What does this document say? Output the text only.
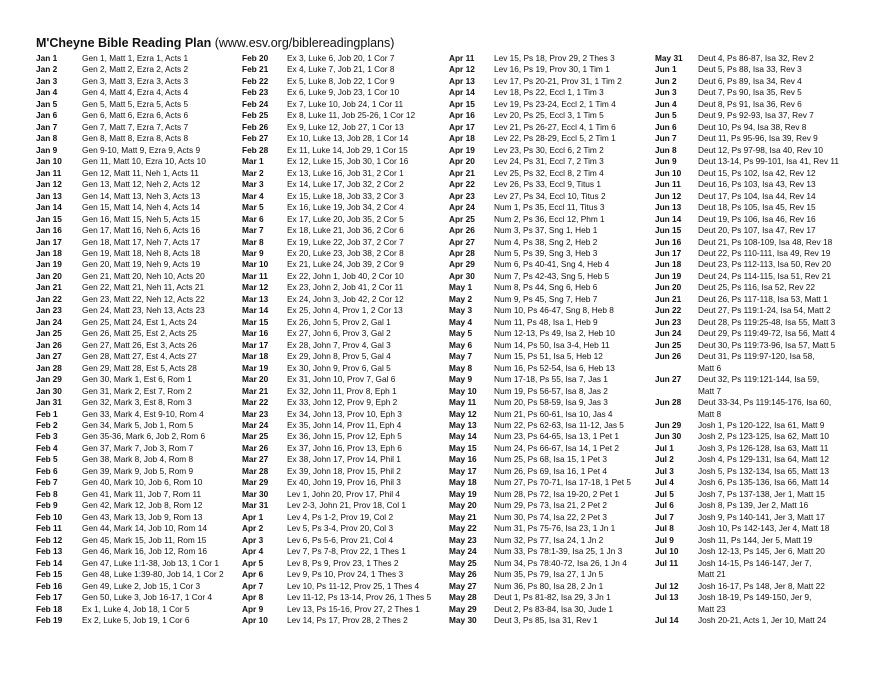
M'Cheyne Bible Reading Plan (www.esv.org/biblereadingplans)
Jan 1	Gen 1, Matt 1, Ezra 1, Acts 1
Jan 2	Gen 2, Matt 2, Ezra 2, Acts 2
Jan 3	Gen 3, Matt 3, Ezra 3, Acts 3
Jan 4	Gen 4, Matt 4, Ezra 4, Acts 4
Jan 5	Gen 5, Matt 5, Ezra 5, Acts 5
Jan 6	Gen 6, Matt 6, Ezra 6, Acts 6
Jan 7	Gen 7, Matt 7, Ezra 7, Acts 7
Jan 8	Gen 8, Matt 8, Ezra 8, Acts 8
Jan 9	Gen 9-10, Matt 9, Ezra 9, Acts 9
Jan 10 Gen 11, Matt 10, Ezra 10, Acts 10
Jan 11 Gen 12, Matt 11, Neh 1, Acts 11
Jan 12 Gen 13, Matt 12, Neh 2, Acts 12
Jan 13 Gen 14, Matt 13, Neh 3, Acts 13
Jan 14 Gen 15, Matt 14, Neh 4, Acts 14
Jan 15 Gen 16, Matt 15, Neh 5, Acts 15
Jan 16 Gen 17, Matt 16, Neh 6, Acts 16
Jan 17 Gen 18, Matt 17, Neh 7, Acts 17
Jan 18 Gen 19, Matt 18, Neh 8, Acts 18
Jan 19 Gen 20, Matt 19, Neh 9, Acts 19
Jan 20 Gen 21, Matt 20, Neh 10, Acts 20
Jan 21 Gen 22, Matt 21, Neh 11, Acts 21
Jan 22 Gen 23, Matt 22, Neh 12, Acts 22
Jan 23 Gen 24, Matt 23, Neh 13, Acts 23
Jan 24 Gen 25, Matt 24, Est 1, Acts 24
Jan 25 Gen 26, Matt 25, Est 2, Acts 25
Jan 26 Gen 27, Matt 26, Est 3, Acts 26
Jan 27 Gen 28, Matt 27, Est 4, Acts 27
Jan 28 Gen 29, Matt 28, Est 5, Acts 28
Jan 29 Gen 30, Mark 1, Est 6, Rom 1
Jan 30 Gen 31, Mark 2, Est 7, Rom 2
Jan 31 Gen 32, Mark 3, Est 8, Rom 3
Feb 1	Gen 33, Mark 4, Est 9-10, Rom 4
Feb 2	Gen 34, Mark 5, Job 1, Rom 5
Feb 3	Gen 35-36, Mark 6, Job 2, Rom 6
Feb 4	Gen 37, Mark 7, Job 3, Rom 7
Feb 5	Gen 38, Mark 8, Job 4, Rom 8
Feb 6	Gen 39, Mark 9, Job 5, Rom 9
Feb 7	Gen 40, Mark 10, Job 6, Rom 10
Feb 8	Gen 41, Mark 11, Job 7, Rom 11
Feb 9	Gen 42, Mark 12, Job 8, Rom 12
Feb 10 Gen 43, Mark 13, Job 9, Rom 13
Feb 11 Gen 44, Mark 14, Job 10, Rom 14
Feb 12 Gen 45, Mark 15, Job 11, Rom 15
Feb 13 Gen 46, Mark 16, Job 12, Rom 16
Feb 14 Gen 47, Luke 1:1-38, Job 13, 1 Cor 1
Feb 15 Gen 48, Luke 1:39-80, Job 14, 1 Cor 2
Feb 16 Gen 49, Luke 2, Job 15, 1 Cor 3
Feb 17 Gen 50, Luke 3, Job 16-17, 1 Cor 4
Feb 18 Ex 1, Luke 4, Job 18, 1 Cor 5
Feb 19 Ex 2, Luke 5, Job 19, 1 Cor 6
Feb 20 Ex 3, Luke 6, Job 20, 1 Cor 7
Feb 21 Ex 4, Luke 7, Job 21, 1 Cor 8
Feb 22 Ex 5, Luke 8, Job 22, 1 Cor 9
Feb 23 Ex 6, Luke 9, Job 23, 1 Cor 10
Feb 24 Ex 7, Luke 10, Job 24, 1 Cor 11
Feb 25 Ex 8, Luke 11, Job 25-26, 1 Cor 12
Feb 26 Ex 9, Luke 12, Job 27, 1 Cor 13
Feb 27 Ex 10, Luke 13, Job 28, 1 Cor 14
Feb 28 Ex 11, Luke 14, Job 29, 1 Cor 15
Mar 1	Ex 12, Luke 15, Job 30, 1 Cor 16
Mar 2	Ex 13, Luke 16, Job 31, 2 Cor 1
Mar 3	Ex 14, Luke 17, Job 32, 2 Cor 2
Mar 4	Ex 15, Luke 18, Job 33, 2 Cor 3
Mar 5	Ex 16, Luke 19, Job 34, 2 Cor 4
Mar 6	Ex 17, Luke 20, Job 35, 2 Cor 5
Mar 7	Ex 18, Luke 21, Job 36, 2 Cor 6
Mar 8	Ex 19, Luke 22, Job 37, 2 Cor 7
Mar 9	Ex 20, Luke 23, Job 38, 2 Cor 8
Mar 10 Ex 21, Luke 24, Job 39, 2 Cor 9
Mar 11 Ex 22, John 1, Job 40, 2 Cor 10
Mar 12 Ex 23, John 2, Job 41, 2 Cor 11
Mar 13 Ex 24, John 3, Job 42, 2 Cor 12
Mar 14 Ex 25, John 4, Prov 1, 2 Cor 13
Mar 15 Ex 26, John 5, Prov 2, Gal 1
Mar 16 Ex 27, John 6, Prov 3, Gal 2
Mar 17 Ex 28, John 7, Prov 4, Gal 3
Mar 18 Ex 29, John 8, Prov 5, Gal 4
Mar 19 Ex 30, John 9, Prov 6, Gal 5
Mar 20 Ex 31, John 10, Prov 7, Gal 6
Mar 21 Ex 32, John 11, Prov 8, Eph 1
Mar 22 Ex 33, John 12, Prov 9, Eph 2
Mar 23 Ex 34, John 13, Prov 10, Eph 3
Mar 24 Ex 35, John 14, Prov 11, Eph 4
Mar 25 Ex 36, John 15, Prov 12, Eph 5
Mar 26 Ex 37, John 16, Prov 13, Eph 6
Mar 27 Ex 38, John 17, Prov 14, Phil 1
Mar 28 Ex 39, John 18, Prov 15, Phil 2
Mar 29 Ex 40, John 19, Prov 16, Phil 3
Mar 30 Lev 1, John 20, Prov 17, Phil 4
Mar 31 Lev 2-3, John 21, Prov 18, Col 1
Apr 1	Lev 4, Ps 1-2, Prov 19, Col 2
Apr 2	Lev 5, Ps 3-4, Prov 20, Col 3
Apr 3	Lev 6, Ps 5-6, Prov 21, Col 4
Apr 4	Lev 7, Ps 7-8, Prov 22, 1 Thes 1
Apr 5	Lev 8, Ps 9, Prov 23, 1 Thes 2
Apr 6	Lev 9, Ps 10, Prov 24, 1 Thes 3
Apr 7	Lev 10, Ps 11-12, Prov 25, 1 Thes 4
Apr 8	Lev 11-12, Ps 13-14, Prov 26, 1 Thes 5
Apr 9	Lev 13, Ps 15-16, Prov 27, 2 Thes 1
Apr 10 Lev 14, Ps 17, Prov 28, 2 Thes 2
Apr 11 Lev 15, Ps 18, Prov 29, 2 Thes 3
Apr 12 Lev 16, Ps 19, Prov 30, 1 Tim 1
Apr 13 Lev 17, Ps 20-21, Prov 31, 1 Tim 2
Apr 14 Lev 18, Ps 22, Eccl 1, 1 Tim 3
Apr 15 Lev 19, Ps 23-24, Eccl 2, 1 Tim 4
Apr 16 Lev 20, Ps 25, Eccl 3, 1 Tim 5
Apr 17 Lev 21, Ps 26-27, Eccl 4, 1 Tim 6
Apr 18 Lev 22, Ps 28-29, Eccl 5, 2 Tim 1
Apr 19 Lev 23, Ps 30, Eccl 6, 2 Tim 2
Apr 20 Lev 24, Ps 31, Eccl 7, 2 Tim 3
Apr 21 Lev 25, Ps 32, Eccl 8, 2 Tim 4
Apr 22 Lev 26, Ps 33, Eccl 9, Titus 1
Apr 23 Lev 27, Ps 34, Eccl 10, Titus 2
Apr 24 Num 1, Ps 35, Eccl 11, Titus 3
Apr 25 Num 2, Ps 36, Eccl 12, Phm 1
Apr 26 Num 3, Ps 37, Sng 1, Heb 1
Apr 27 Num 4, Ps 38, Sng 2, Heb 2
Apr 28 Num 5, Ps 39, Sng 3, Heb 3
Apr 29 Num 6, Ps 40-41, Sng 4, Heb 4
Apr 30 Num 7, Ps 42-43, Sng 5, Heb 5
May 1	Num 8, Ps 44, Sng 6, Heb 6
May 2	Num 9, Ps 45, Sng 7, Heb 7
May 3	Num 10, Ps 46-47, Sng 8, Heb 8
May 4	Num 11, Ps 48, Isa 1, Heb 9
May 5	Num 12-13, Ps 49, Isa 2, Heb 10
May 6	Num 14, Ps 50, Isa 3-4, Heb 11
May 7	Num 15, Ps 51, Isa 5, Heb 12
May 8	Num 16, Ps 52-54, Isa 6, Heb 13
May 9	Num 17-18, Ps 55, Isa 7, Jas 1
May 10 Num 19, Ps 56-57, Isa 8, Jas 2
May 11 Num 20, Ps 58-59, Isa 9, Jas 3
May 12 Num 21, Ps 60-61, Isa 10, Jas 4
May 13 Num 22, Ps 62-63, Isa 11-12, Jas 5
May 14 Num 23, Ps 64-65, Isa 13, 1 Pet 1
May 15 Num 24, Ps 66-67, Isa 14, 1 Pet 2
May 16 Num 25, Ps 68, Isa 15, 1 Pet 3
May 17 Num 26, Ps 69, Isa 16, 1 Pet 4
May 18 Num 27, Ps 70-71, Isa 17-18, 1 Pet 5
May 19 Num 28, Ps 72, Isa 19-20, 2 Pet 1
May 20 Num 29, Ps 73, Isa 21, 2 Pet 2
May 21 Num 30, Ps 74, Isa 22, 2 Pet 3
May 22 Num 31, Ps 75-76, Isa 23, 1 Jn 1
May 23 Num 32, Ps 77, Isa 24, 1 Jn 2
May 24 Num 33, Ps 78:1-39, Isa 25, 1 Jn 3
May 25 Num 34, Ps 78:40-72, Isa 26, 1 Jn 4
May 26 Num 35, Ps 79, Isa 27, 1 Jn 5
May 27 Num 36, Ps 80, Isa 28, 2 Jn 1
May 28 Deut 1, Ps 81-82, Isa 29, 3 Jn 1
May 29 Deut 2, Ps 83-84, Isa 30, Jude 1
May 30 Deut 3, Ps 85, Isa 31, Rev 1
May 31 Deut 4, Ps 86-87, Isa 32, Rev 2
Jun 1	Deut 5, Ps 88, Isa 33, Rev 3
Jun 2	Deut 6, Ps 89, Isa 34, Rev 4
Jun 3	Deut 7, Ps 90, Isa 35, Rev 5
Jun 4	Deut 8, Ps 91, Isa 36, Rev 6
Jun 5	Deut 9, Ps 92-93, Isa 37, Rev 7
Jun 6	Deut 10, Ps 94, Isa 38, Rev 8
Jun 7	Deut 11, Ps 95-96, Isa 39, Rev 9
Jun 8	Deut 12, Ps 97-98, Isa 40, Rev 10
Jun 9	Deut 13-14, Ps 99-101, Isa 41, Rev 11
Jun 10 Deut 15, Ps 102, Isa 42, Rev 12
Jun 11 Deut 16, Ps 103, Isa 43, Rev 13
Jun 12 Deut 17, Ps 104, Isa 44, Rev 14
Jun 13 Deut 18, Ps 105, Isa 45, Rev 15
Jun 14 Deut 19, Ps 106, Isa 46, Rev 16
Jun 15 Deut 20, Ps 107, Isa 47, Rev 17
Jun 16 Deut 21, Ps 108-109, Isa 48, Rev 18
Jun 17 Deut 22, Ps 110-111, Isa 49, Rev 19
Jun 18 Deut 23, Ps 112-113, Isa 50, Rev 20
Jun 19 Deut 24, Ps 114-115, Isa 51, Rev 21
Jun 20 Deut 25, Ps 116, Isa 52, Rev 22
Jun 21 Deut 26, Ps 117-118, Isa 53, Matt 1
Jun 22 Deut 27, Ps 119:1-24, Isa 54, Matt 2
Jun 23 Deut 28, Ps 119:25-48, Isa 55, Matt 3
Jun 24 Deut 29, Ps 119:49-72, Isa 56, Matt 4
Jun 25 Deut 30, Ps 119:73-96, Isa 57, Matt 5
Jun 26 Deut 31, Ps 119:97-120, Isa 58,
Matt 6
Jun 27 Deut 32, Ps 119:121-144, Isa 59,
Matt 7
Jun 28 Deut 33-34, Ps 119:145-176, Isa 60,
Matt 8
Jun 29 Josh 1, Ps 120-122, Isa 61, Matt 9
Jun 30 Josh 2, Ps 123-125, Isa 62, Matt 10
Jul 1	Josh 3, Ps 126-128, Isa 63, Matt 11
Jul 2	Josh 4, Ps 129-131, Isa 64, Matt 12
Jul 3	Josh 5, Ps 132-134, Isa 65, Matt 13
Jul 4	Josh 6, Ps 135-136, Isa 66, Matt 14
Jul 5	Josh 7, Ps 137-138, Jer 1, Matt 15
Jul 6	Josh 8, Ps 139, Jer 2, Matt 16
Jul 7	Josh 9, Ps 140-141, Jer 3, Matt 17
Jul 8	Josh 10, Ps 142-143, Jer 4, Matt 18
Jul 9	Josh 11, Ps 144, Jer 5, Matt 19
Jul 10 Josh 12-13, Ps 145, Jer 6, Matt 20
Jul 11 Josh 14-15, Ps 146-147, Jer 7,
Matt 21
Jul 12 Josh 16-17, Ps 148, Jer 8, Matt 22
Jul 13 Josh 18-19, Ps 149-150, Jer 9,
Matt 23
Jul 14 Josh 20-21, Acts 1, Jer 10, Matt 24
